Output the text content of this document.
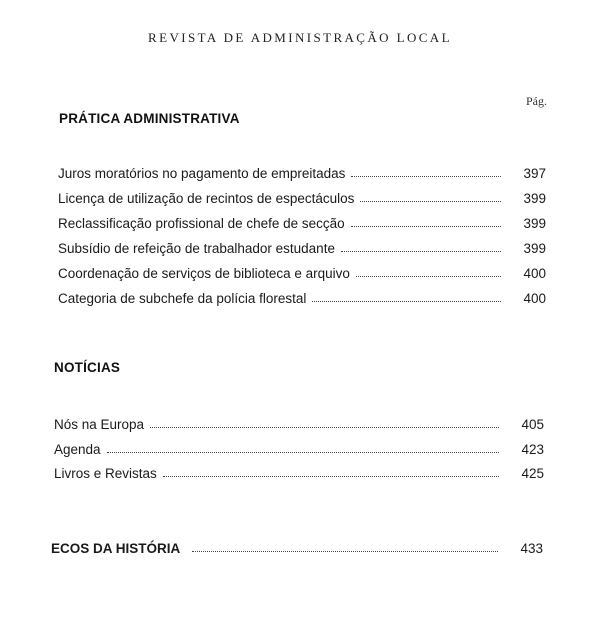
REVISTA DE ADMINISTRAÇÃO LOCAL
Pág.
PRÁTICA ADMINISTRATIVA
Juros moratórios no pagamento de empreitadas	397
Licença de utilização de recintos de espectáculos	399
Reclassificação profissional de chefe de secção	399
Subsídio de refeição de trabalhador estudante	399
Coordenação de serviços de biblioteca e arquivo	400
Categoria de subchefe da polícia florestal	400
NOTÍCIAS
Nós na Europa	405
Agenda	423
Livros e Revistas	425
ECOS DA HISTÓRIA	433
